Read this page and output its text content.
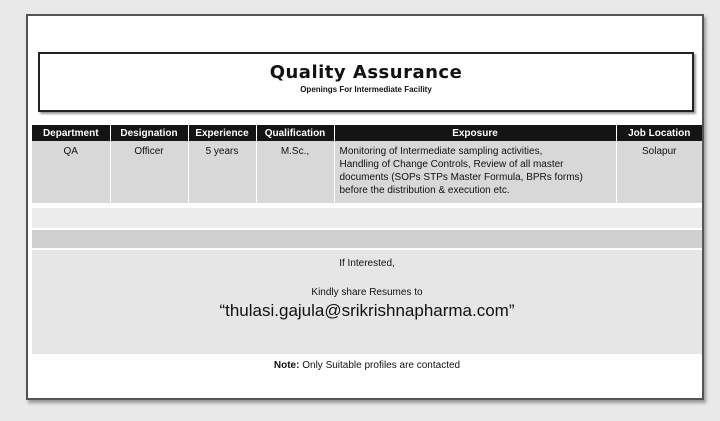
Quality Assurance
Openings For Intermediate Facility
Department	Designation	Experience	Qualification	Exposure	Job Location
QA	Officer	5 years	M.Sc.,	Monitoring of Intermediate sampling activities,
Handling of Change Controls, Review of all master
documents (SOPs STPs Master Formula, BPRs forms)
before the distribution & execution etc.	Solapur
If Interested,
Kindly share Resumes to
“thulasi.gajula@srikrishnapharma.com”
Note: Only Suitable profiles are contacted
